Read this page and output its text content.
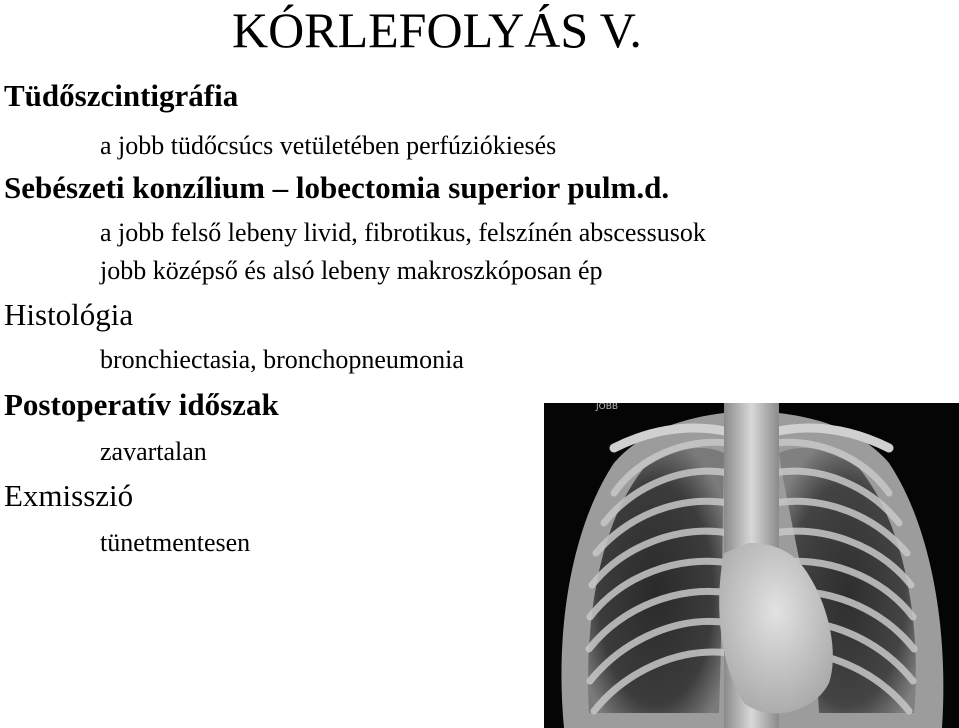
KÓRLEFOLYÁS V.
Tüdőszcintigráfia
a jobb tüdőcsúcs vetületében perfúziókiesés
Sebészeti konzílium – lobectomia superior pulm.d.
a jobb felső lebeny livid, fibrotikus, felszínén abscessusok
jobb középső és alsó lebeny makroszkóposan ép
Histológia
bronchiectasia, bronchopneumonia
Postoperatív időszak
zavartalan
Exmisszió
tünetmentesen
JOBB
